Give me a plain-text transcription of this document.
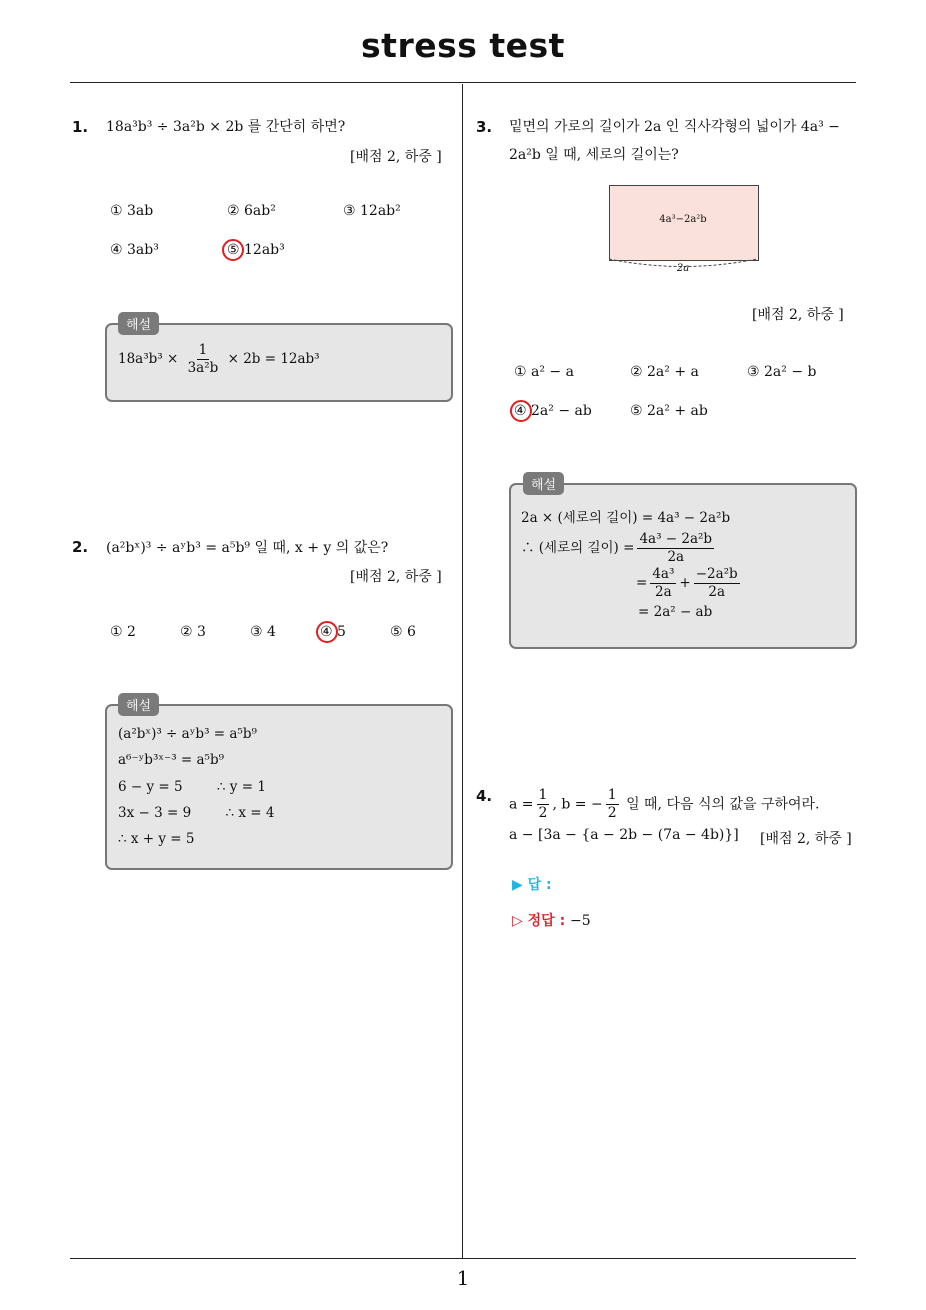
stress test
1
1. 18a³b³ ÷ 3a²b × 2b 를 간단히 하면?
[배점 2, 하중 ]
① 3ab	② 6ab²	③ 12ab²
④ 3ab³	⑤ 12ab³
해설
$18a^3b^3 \times \frac{1}{\text{3a²b}} \times 2b = 12ab^3$
2. (a²bˣ)³ ÷ aʸb³ = a⁵b⁹ 일 때, x + y 의 값은?
[배점 2, 하중 ]
① 2	② 3	③ 4	④ 5	⑤ 6
해설
(a²bˣ)³ ÷ aʸb³ = a⁵b⁹
a⁶⁻ʸb³ˣ⁻³ = a⁵b⁹
6 − y = 5        ∴ y = 1
3x − 3 = 9        ∴ x = 4
∴ x + y = 5
3. 밑면의 가로의 길이가 2a 인 직사각형의 넓이가 4a³ −
2a²b 일 때, 세로의 길이는?
4a³−2a²b
2a
[배점 2, 하중 ]
① a² − a	② 2a² + a	③ 2a² − b
④ 2a² − ab	⑤ 2a² + ab
해설
2a × (세로의 길이) = 4a³ − 2a²b
∴ (세로의 길이) = $\frac{\text{4a³ − 2a²b}}{2a}$
= $\frac{\text{4a³}}{2a} + \frac{\text{−2a²b}}{2a}$
= 2a² − ab
4. $a = \frac{1}{2}$ , b = − $\frac{1}{2}$ 일 때, 다음 식의 값을 구하여라.
a − [3a − {a − 2b − (7a − 4b)}] [배점 2, 하중 ]
▶ 답 :
▷ 정답 : −5
